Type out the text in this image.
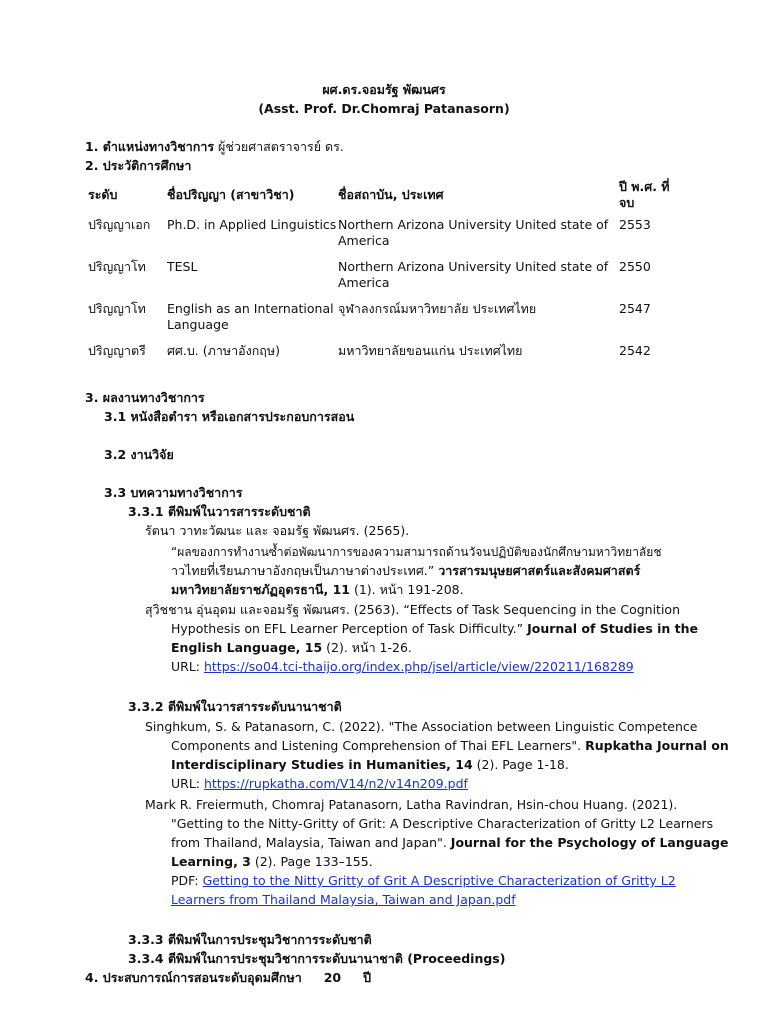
ผศ.ดร.จอมรัฐ พัฒนศร
(Asst. Prof. Dr.Chomraj Patanasorn)
1. ตำแหน่งทางวิชาการ ผู้ช่วยศาสตราจารย์ ดร.
2. ประวัติการศึกษา
ระดับ	ชื่อปริญญา (สาขาวิชา)	ชื่อสถาบัน, ประเทศ	ปี พ.ศ. ที่จบ
ปริญญาเอก	Ph.D. in Applied Linguistics	Northern Arizona University United state of America	2553
ปริญญาโท	TESL	Northern Arizona University United state of America	2550
ปริญญาโท	English as an International Language	จุฬาลงกรณ์มหาวิทยาลัย ประเทศไทย	2547
ปริญญาตรี	ศศ.บ. (ภาษาอังกฤษ)	มหาวิทยาลัยขอนแก่น ประเทศไทย	2542
3. ผลงานทางวิชาการ
3.1 หนังสือตำรา หรือเอกสารประกอบการสอน
3.2 งานวิจัย
3.3 บทความทางวิชาการ
3.3.1 ตีพิมพ์ในวารสารระดับชาติ
รัตนา วาทะวัฒนะ และ จอมรัฐ พัฒนศร. (2565).
“ผลของการทำงานซ้ำต่อพัฒนาการของความสามารถด้านวัจนปฏิบัติของนักศึกษามหาวิทยาลัยช
าวไทยที่เรียนภาษาอังกฤษเป็นภาษาต่างประเทศ.” วารสารมนุษยศาสตร์และสังคมศาสตร์
มหาวิทยาลัยราชภัฏอุดรธานี, 11 (1). หน้า 191-208.
สุวิชชาน อุ่นอุดม และจอมรัฐ พัฒนศร. (2563). “Effects of Task Sequencing in the Cognition
Hypothesis on EFL Learner Perception of Task Difficulty.” Journal of Studies in the
English Language, 15 (2). หน้า 1-26.
URL: https://so04.tci-thaijo.org/index.php/jsel/article/view/220211/168289
3.3.2 ตีพิมพ์ในวารสารระดับนานาชาติ
Singhkum, S. & Patanasorn, C. (2022). "The Association between Linguistic Competence
Components and Listening Comprehension of Thai EFL Learners". Rupkatha Journal on
Interdisciplinary Studies in Humanities, 14 (2). Page 1-18.
URL: https://rupkatha.com/V14/n2/v14n209.pdf
Mark R. Freiermuth, Chomraj Patanasorn, Latha Ravindran, Hsin-chou Huang. (2021).
"Getting to the Nitty-Gritty of Grit: A Descriptive Characterization of Gritty L2 Learners
from Thailand, Malaysia, Taiwan and Japan". Journal for the Psychology of Language
Learning, 3 (2). Page 133–155.
PDF: Getting to the Nitty Gritty of Grit A Descriptive Characterization of Gritty L2
Learners from Thailand Malaysia, Taiwan and Japan.pdf
3.3.3 ตีพิมพ์ในการประชุมวิชาการระดับชาติ
3.3.4 ตีพิมพ์ในการประชุมวิชาการระดับนานาชาติ (Proceedings)
4. ประสบการณ์การสอนระดับอุดมศึกษา 20 ปี
